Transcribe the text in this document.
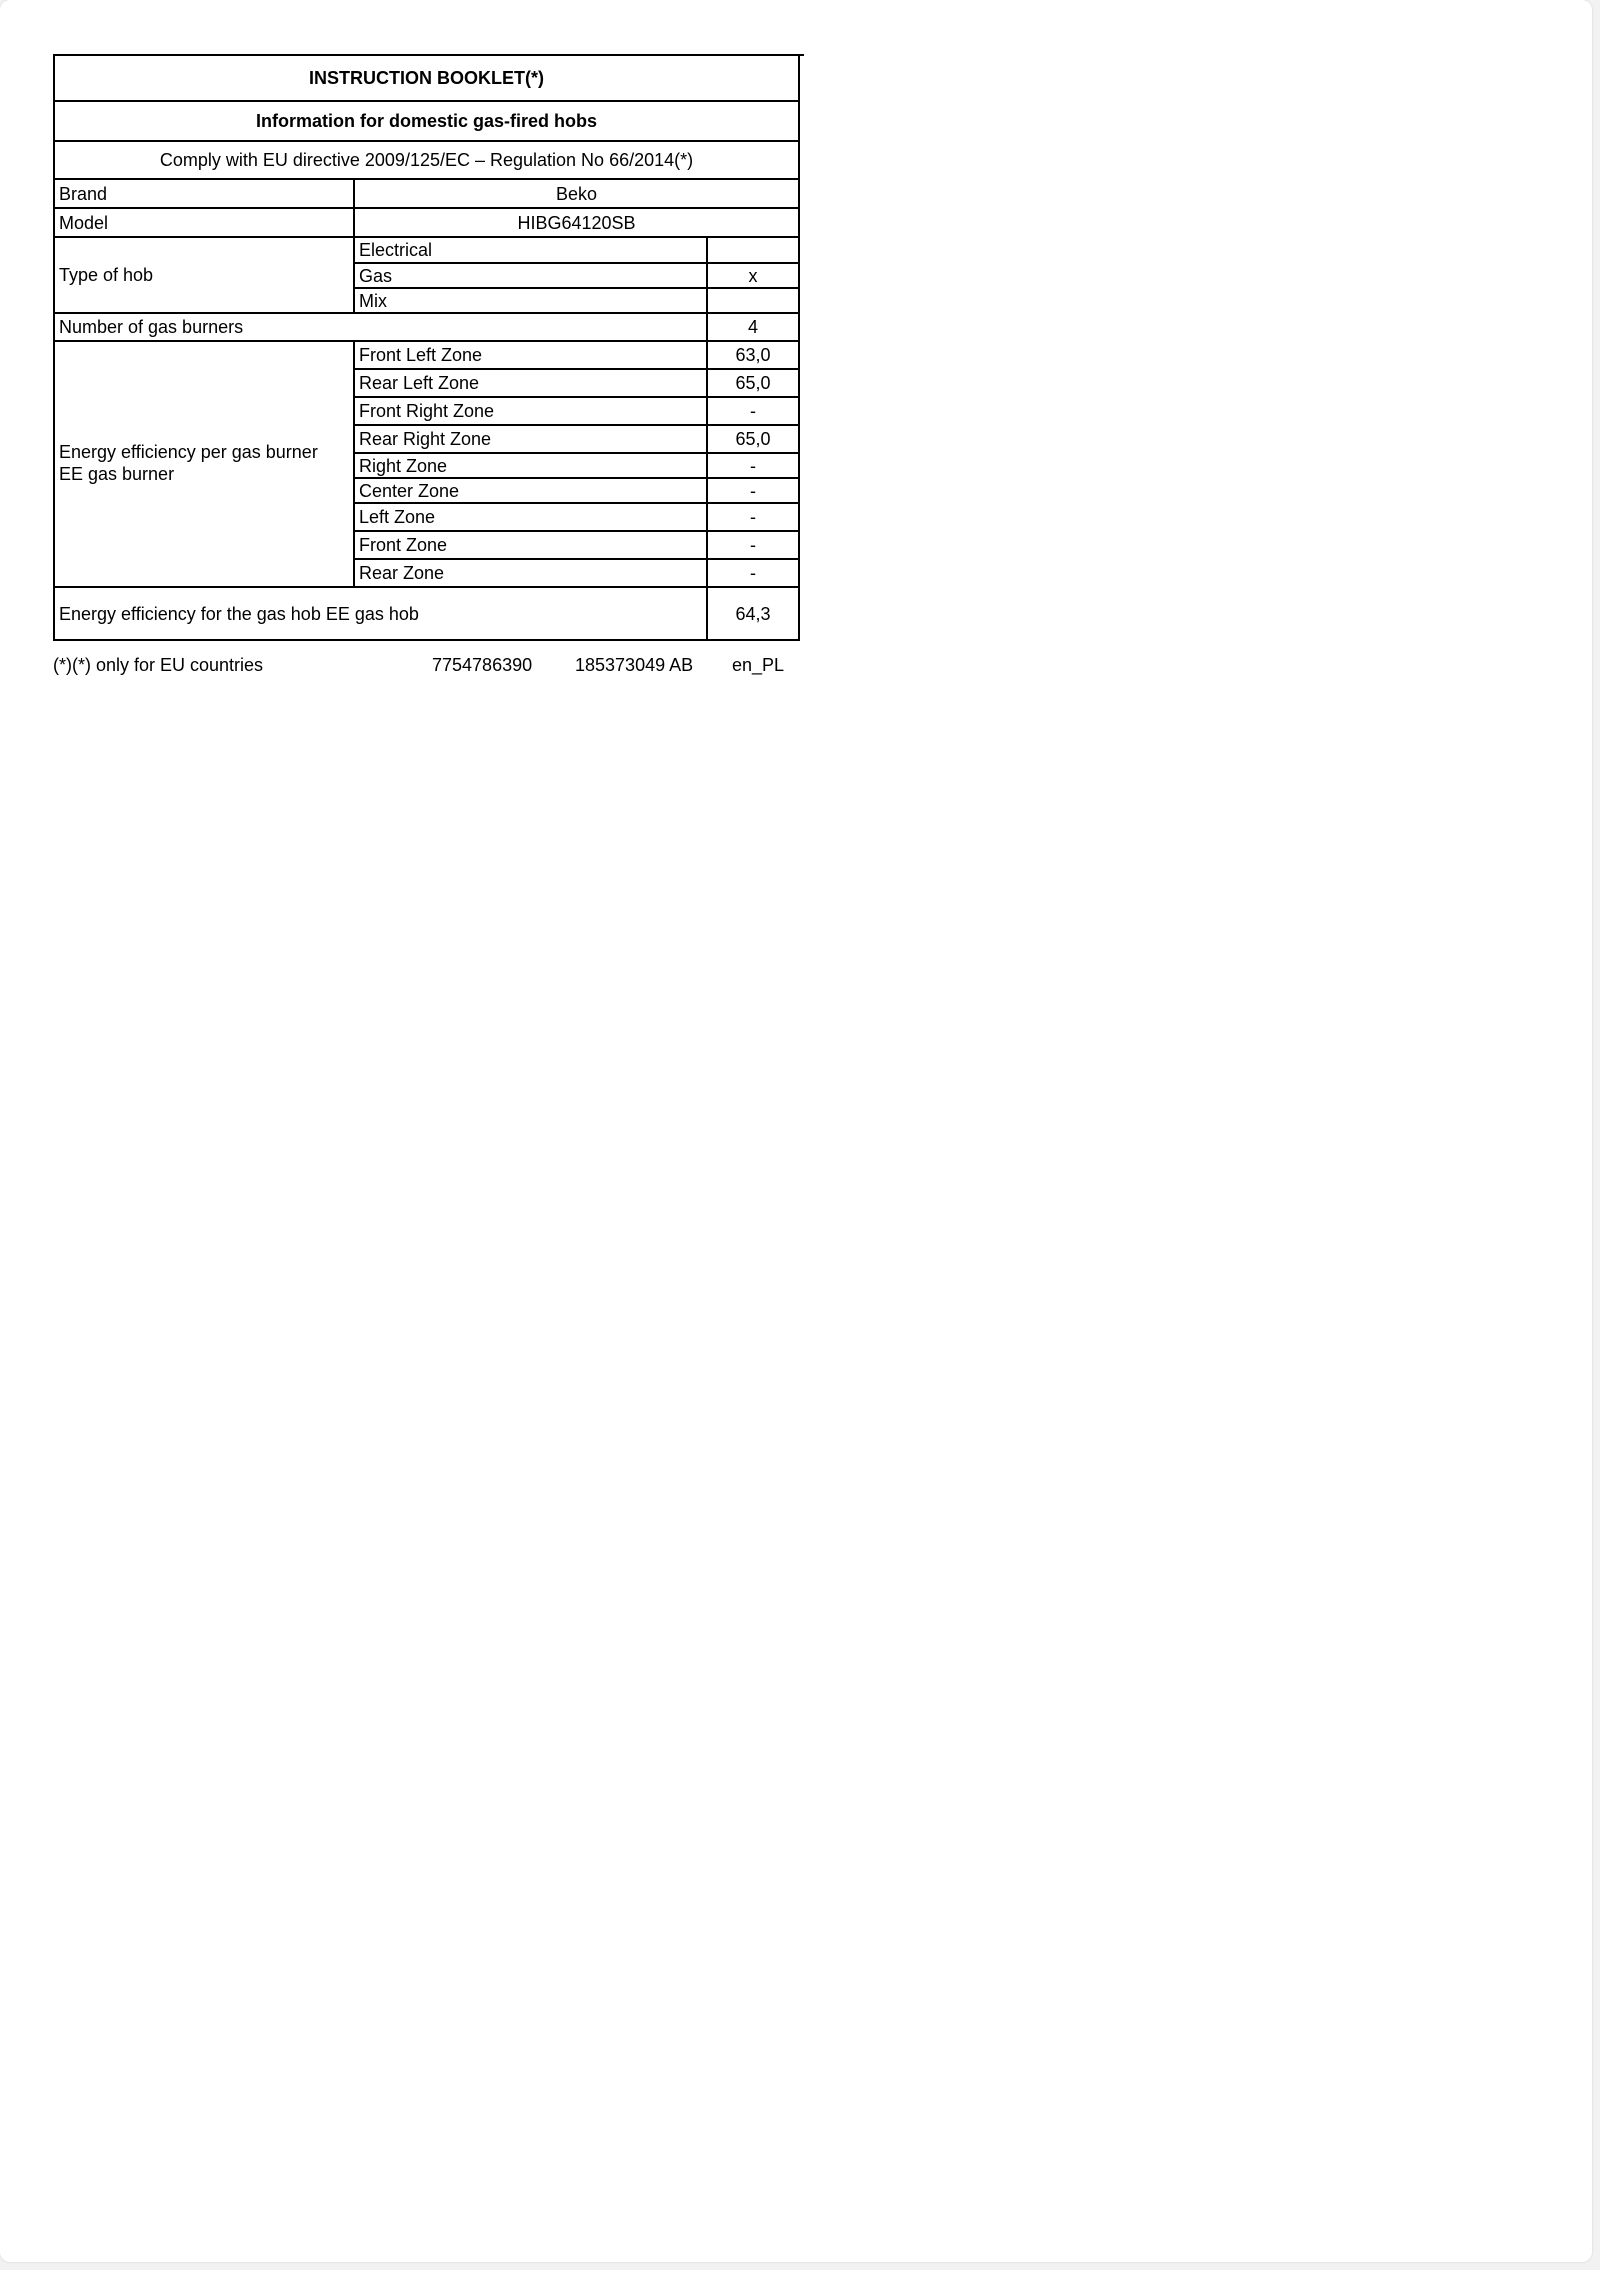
INSTRUCTION BOOKLET(*)
Information for domestic gas-fired hobs
Comply with EU directive 2009/125/EC – Regulation No 66/2014(*)
Brand	Beko
Model	HIBG64120SB
Type of hob
Electrical
Gas	x
Mix
Number of gas burners	4
Energy efficiency per gas burner
EE gas burner
Front Left Zone	63,0
Rear Left Zone	65,0
Front Right Zone	-
Rear Right Zone	65,0
Right Zone	-
Center Zone	-
Left Zone	-
Front Zone	-
Rear Zone	-
Energy efficiency for the gas hob EE gas hob	64,3
(*)(*) only for EU countries	7754786390 185373049 AB en_PL
